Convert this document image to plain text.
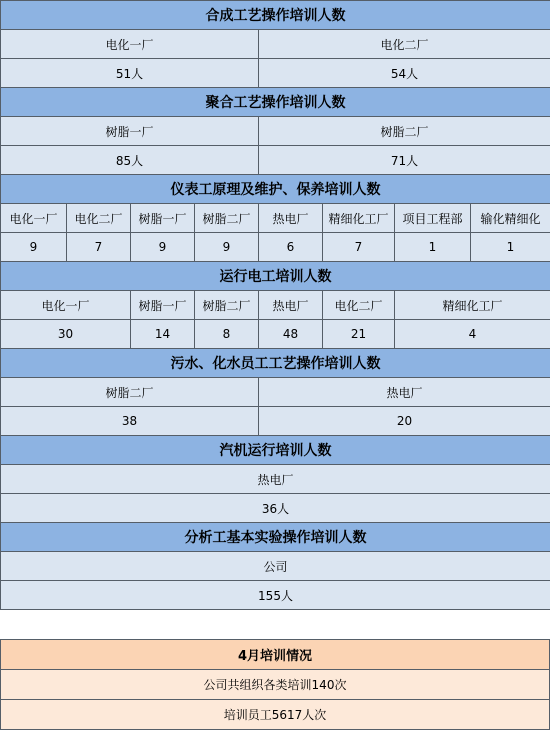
合成工艺操作培训人数							
电化一厂				电化二厂			
51人				54人			
聚合工艺操作培训人数							
树脂一厂				树脂二厂			
85人				71人			
仪表工原理及维护、保养培训人数							
电化一厂	电化二厂	树脂一厂	树脂二厂	热电厂	精细化工厂	项目工程部	输化精细化
9	7	9	9	6	7	1	1
运行电工培训人数							
电化一厂		树脂一厂	树脂二厂	热电厂	电化二厂	精细化工厂	
30		14	8	48	21	4	
污水、化水员工工艺操作培训人数							
树脂二厂				热电厂			
38				20			
汽机运行培训人数							
热电厂							
36人							
分析工基本实验操作培训人数							
公司							
155人							
4月培训情况
公司共组织各类培训140次
培训员工5617人次
